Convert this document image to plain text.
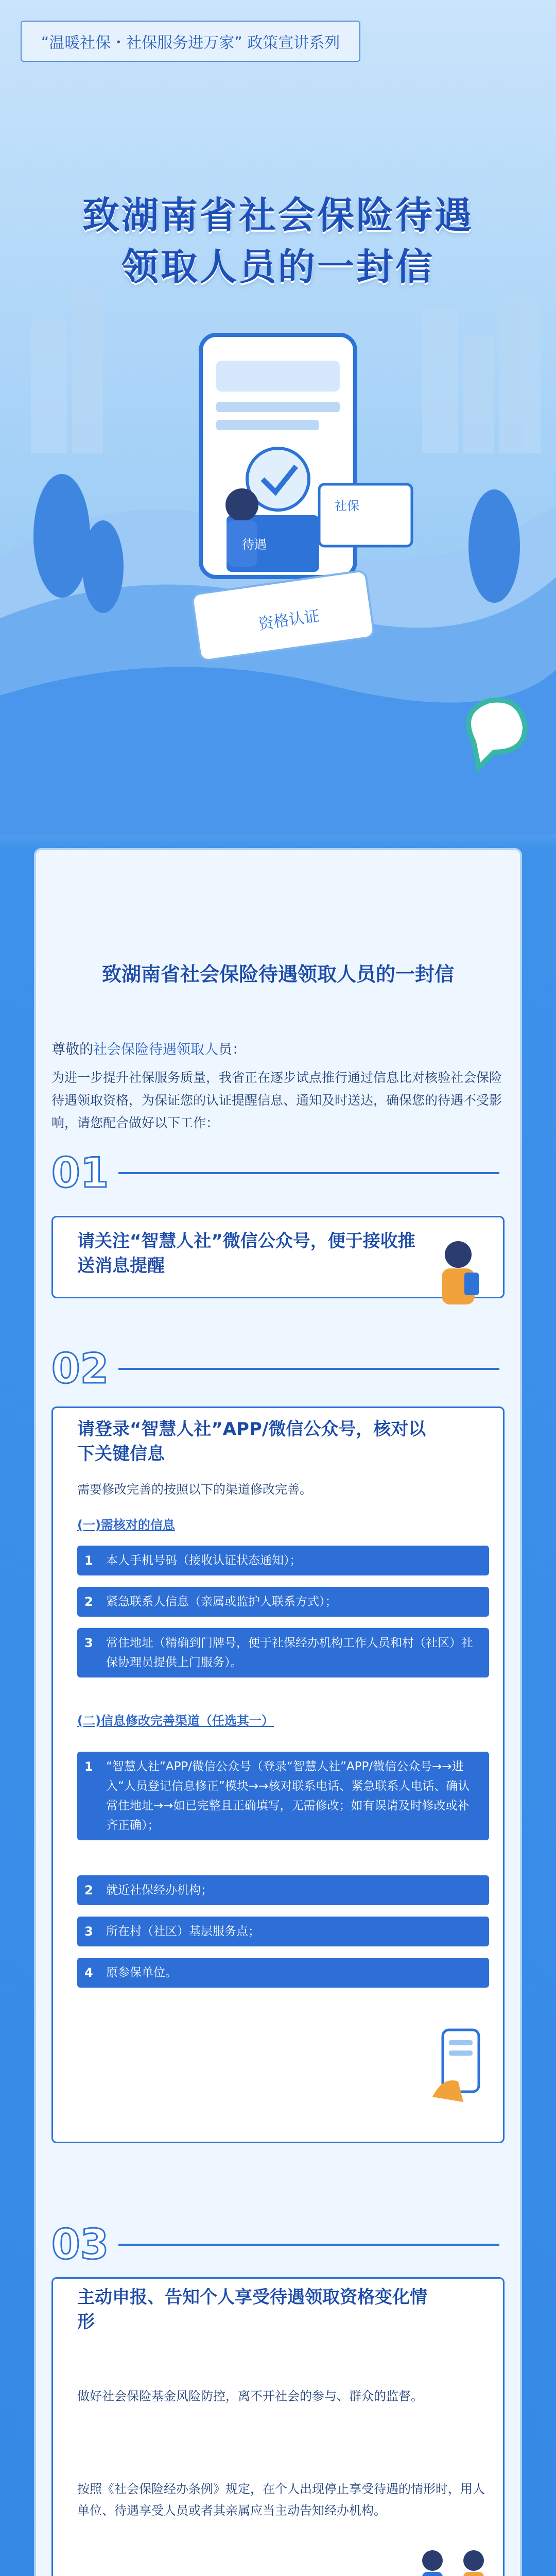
资格认证
待遇
社保
“温暖社保・社保服务进万家” 政策宣讲系列
致湖南省社会保险待遇
领取人员的一封信
致湖南省社会保险待遇领取人员的一封信
尊敬的社会保险待遇领取人员：
为进一步提升社保服务质量，我省正在逐步试点推行通过信息比对核验社会保险待遇领取资格，为保证您的认证提醒信息、通知及时送达，确保您的待遇不受影响，请您配合做好以下工作：
01
请关注“智慧人社”微信公众号，便于接收推送消息提醒
02
请登录“智慧人社”APP/微信公众号，核对以下关键信息
需要修改完善的按照以下的渠道修改完善。
(一)需核对的信息
1 本人手机号码（接收认证状态通知）；
2 紧急联系人信息（亲属或监护人联系方式）；
3 常住地址（精确到门牌号，便于社保经办机构工作人员和村（社区）社保协理员提供上门服务）。
(二)信息修改完善渠道（任选其一）
1 “智慧人社”APP/微信公众号（登录“智慧人社”APP/微信公众号→→进入“人员登记信息修正”模块→→核对联系电话、紧急联系人电话、确认常住地址→→如已完整且正确填写，无需修改；如有误请及时修改或补齐正确）；
2 就近社保经办机构；
3 所在村（社区）基层服务点；
4 原参保单位。
03
主动申报、告知个人享受待遇领取资格变化情形
做好社会保险基金风险防控，离不开社会的参与、群众的监督。
按照《社会保险经办条例》规定，在个人出现停止享受待遇的情形时，用人单位、待遇享受人员或者其亲属应当主动告知经办机构。
